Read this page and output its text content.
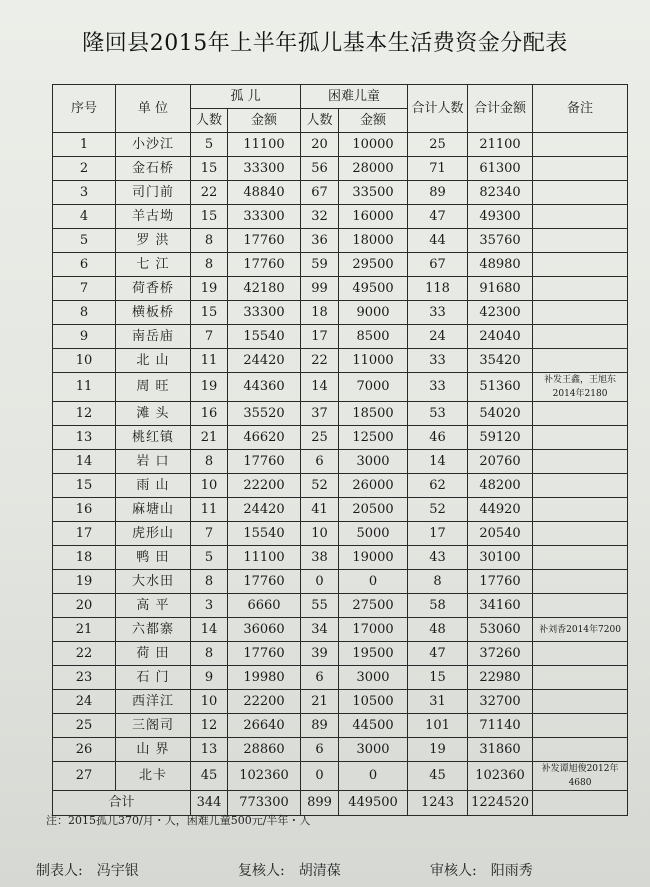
隆回县2015年上半年孤儿基本生活费资金分配表
序号	单 位	孤 儿		困难儿童		合计人数	合计金额	备注
		人数	金额	人数	金额			
1	小沙江	5	11100	20	10000	25	21100	
2	金石桥	15	33300	56	28000	71	61300	
3	司门前	22	48840	67	33500	89	82340	
4	羊古坳	15	33300	32	16000	47	49300	
5	罗 洪	8	17760	36	18000	44	35760	
6	七 江	8	17760	59	29500	67	48980	
7	荷香桥	19	42180	99	49500	118	91680	
8	横板桥	15	33300	18	9000	33	42300	
9	南岳庙	7	15540	17	8500	24	24040	
10	北 山	11	24420	22	11000	33	35420	
11	周 旺	19	44360	14	7000	33	51360	补发王鑫，王旭东2014年2180
12	滩 头	16	35520	37	18500	53	54020	
13	桃红镇	21	46620	25	12500	46	59120	
14	岩 口	8	17760	6	3000	14	20760	
15	雨 山	10	22200	52	26000	62	48200	
16	麻塘山	11	24420	41	20500	52	44920	
17	虎形山	7	15540	10	5000	17	20540	
18	鸭 田	5	11100	38	19000	43	30100	
19	大水田	8	17760	0	0	8	17760	
20	高 平	3	6660	55	27500	58	34160	
21	六都寨	14	36060	34	17000	48	53060	补刘香2014年7200
22	荷 田	8	17760	39	19500	47	37260	
23	石 门	9	19980	6	3000	15	22980	
24	西洋江	10	22200	21	10500	31	32700	
25	三阁司	12	26640	89	44500	101	71140	
26	山 界	13	28860	6	3000	19	31860	
27	北卡	45	102360	0	0	45	102360	补发谭旭俊2012年4680
合计		344	773300	899	449500	1243	1224520	
注：2015孤儿370/月・人，困难儿童500元/半年・人
制表人: 冯宇银	复核人: 胡清葆	审核人: 阳雨秀
